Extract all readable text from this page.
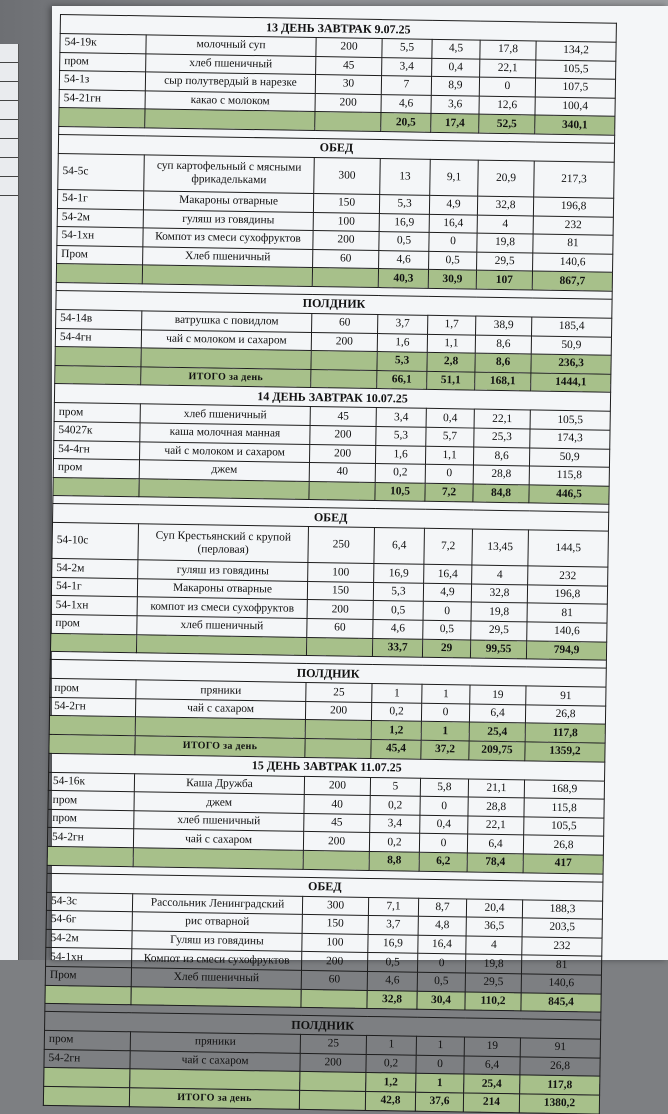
13 ДЕНЬ ЗАВТРАК 9.07.25						
54-19к	молочный суп	200	5,5	4,5	17,8	134,2
пром	хлеб пшеничный	45	3,4	0,4	22,1	105,5
54-1з	сыр полутвердый в нарезке	30	7	8,9	0	107,5
54-21гн	какао с молоком	200	4,6	3,6	12,6	100,4
			20,5	17,4	52,5	340,1

ОБЕД						
54-5с	суп картофельный с мясными фрикадельками	300	13	9,1	20,9	217,3
54-1г	Макароны отварные	150	5,3	4,9	32,8	196,8
54-2м	гуляш из говядины	100	16,9	16,4	4	232
54-1хн	Компот из смеси сухофруктов	200	0,5	0	19,8	81
Пром	Хлеб пшеничный	60	4,6	0,5	29,5	140,6
			40,3	30,9	107	867,7

ПОЛДНИК						
54-14в	ватрушка с повидлом	60	3,7	1,7	38,9	185,4
54-4гн	чай с молоком и сахаром	200	1,6	1,1	8,6	50,9
			5,3	2,8	8,6	236,3
	ИТОГО за день		66,1	51,1	168,1	1444,1
14 ДЕНЬ ЗАВТРАК 10.07.25						
пром	хлеб пшеничный	45	3,4	0,4	22,1	105,5
54027к	каша молочная манная	200	5,3	5,7	25,3	174,3
54-4гн	чай с молоком и сахаром	200	1,6	1,1	8,6	50,9
пром	джем	40	0,2	0	28,8	115,8
			10,5	7,2	84,8	446,5

ОБЕД						
54-10с	Суп Крестьянский с крупой (перловая)	250	6,4	7,2	13,45	144,5
54-2м	гуляш из говядины	100	16,9	16,4	4	232
54-1г	Макароны отварные	150	5,3	4,9	32,8	196,8
54-1хн	компот из смеси сухофруктов	200	0,5	0	19,8	81
пром	хлеб пшеничный	60	4,6	0,5	29,5	140,6
			33,7	29	99,55	794,9

ПОЛДНИК						
пром	пряники	25	1	1	19	91
54-2гн	чай с сахаром	200	0,2	0	6,4	26,8
			1,2	1	25,4	117,8
	ИТОГО за день		45,4	37,2	209,75	1359,2
15 ДЕНЬ ЗАВТРАК 11.07.25						
54-16к	Каша Дружба	200	5	5,8	21,1	168,9
пром	джем	40	0,2	0	28,8	115,8
пром	хлеб пшеничный	45	3,4	0,4	22,1	105,5
54-2гн	чай с сахаром	200	0,2	0	6,4	26,8
			8,8	6,2	78,4	417

ОБЕД						
54-3с	Рассольник Ленинградский	300	7,1	8,7	20,4	188,3
54-6г	рис отварной	150	3,7	4,8	36,5	203,5
54-2м	Гуляш из говядины	100	16,9	16,4	4	232
54-1хн	Компот из смеси сухофруктов	200	0,5	0	19,8	81
Пром	Хлеб пшеничный	60	4,6	0,5	29,5	140,6
			32,8	30,4	110,2	845,4

ПОЛДНИК						
пром	пряники	25	1	1	19	91
54-2гн	чай с сахаром	200	0,2	0	6,4	26,8
			1,2	1	25,4	117,8
	ИТОГО за день		42,8	37,6	214	1380,2
